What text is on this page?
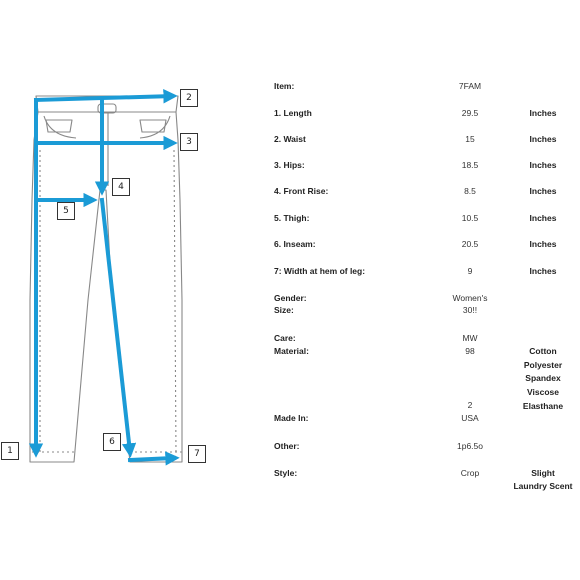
1
2
3
4
5
6
7
Item:	7FAM
1. Length	29.5	Inches
2. Waist	15	Inches
3. Hips:	18.5	Inches
4. Front Rise:	8.5	Inches
5. Thigh:	10.5	Inches
6. Inseam:	20.5	Inches
7: Width at hem of leg:	9	Inches
Gender:	Women's
Size:	30!!
Care:	MW
Material:	98	Cotton
Polyester
Spandex
Viscose
2	Elasthane
Made In:	USA
Other:	1p6.5o
Style:	Crop	Slight
Laundry Scent
